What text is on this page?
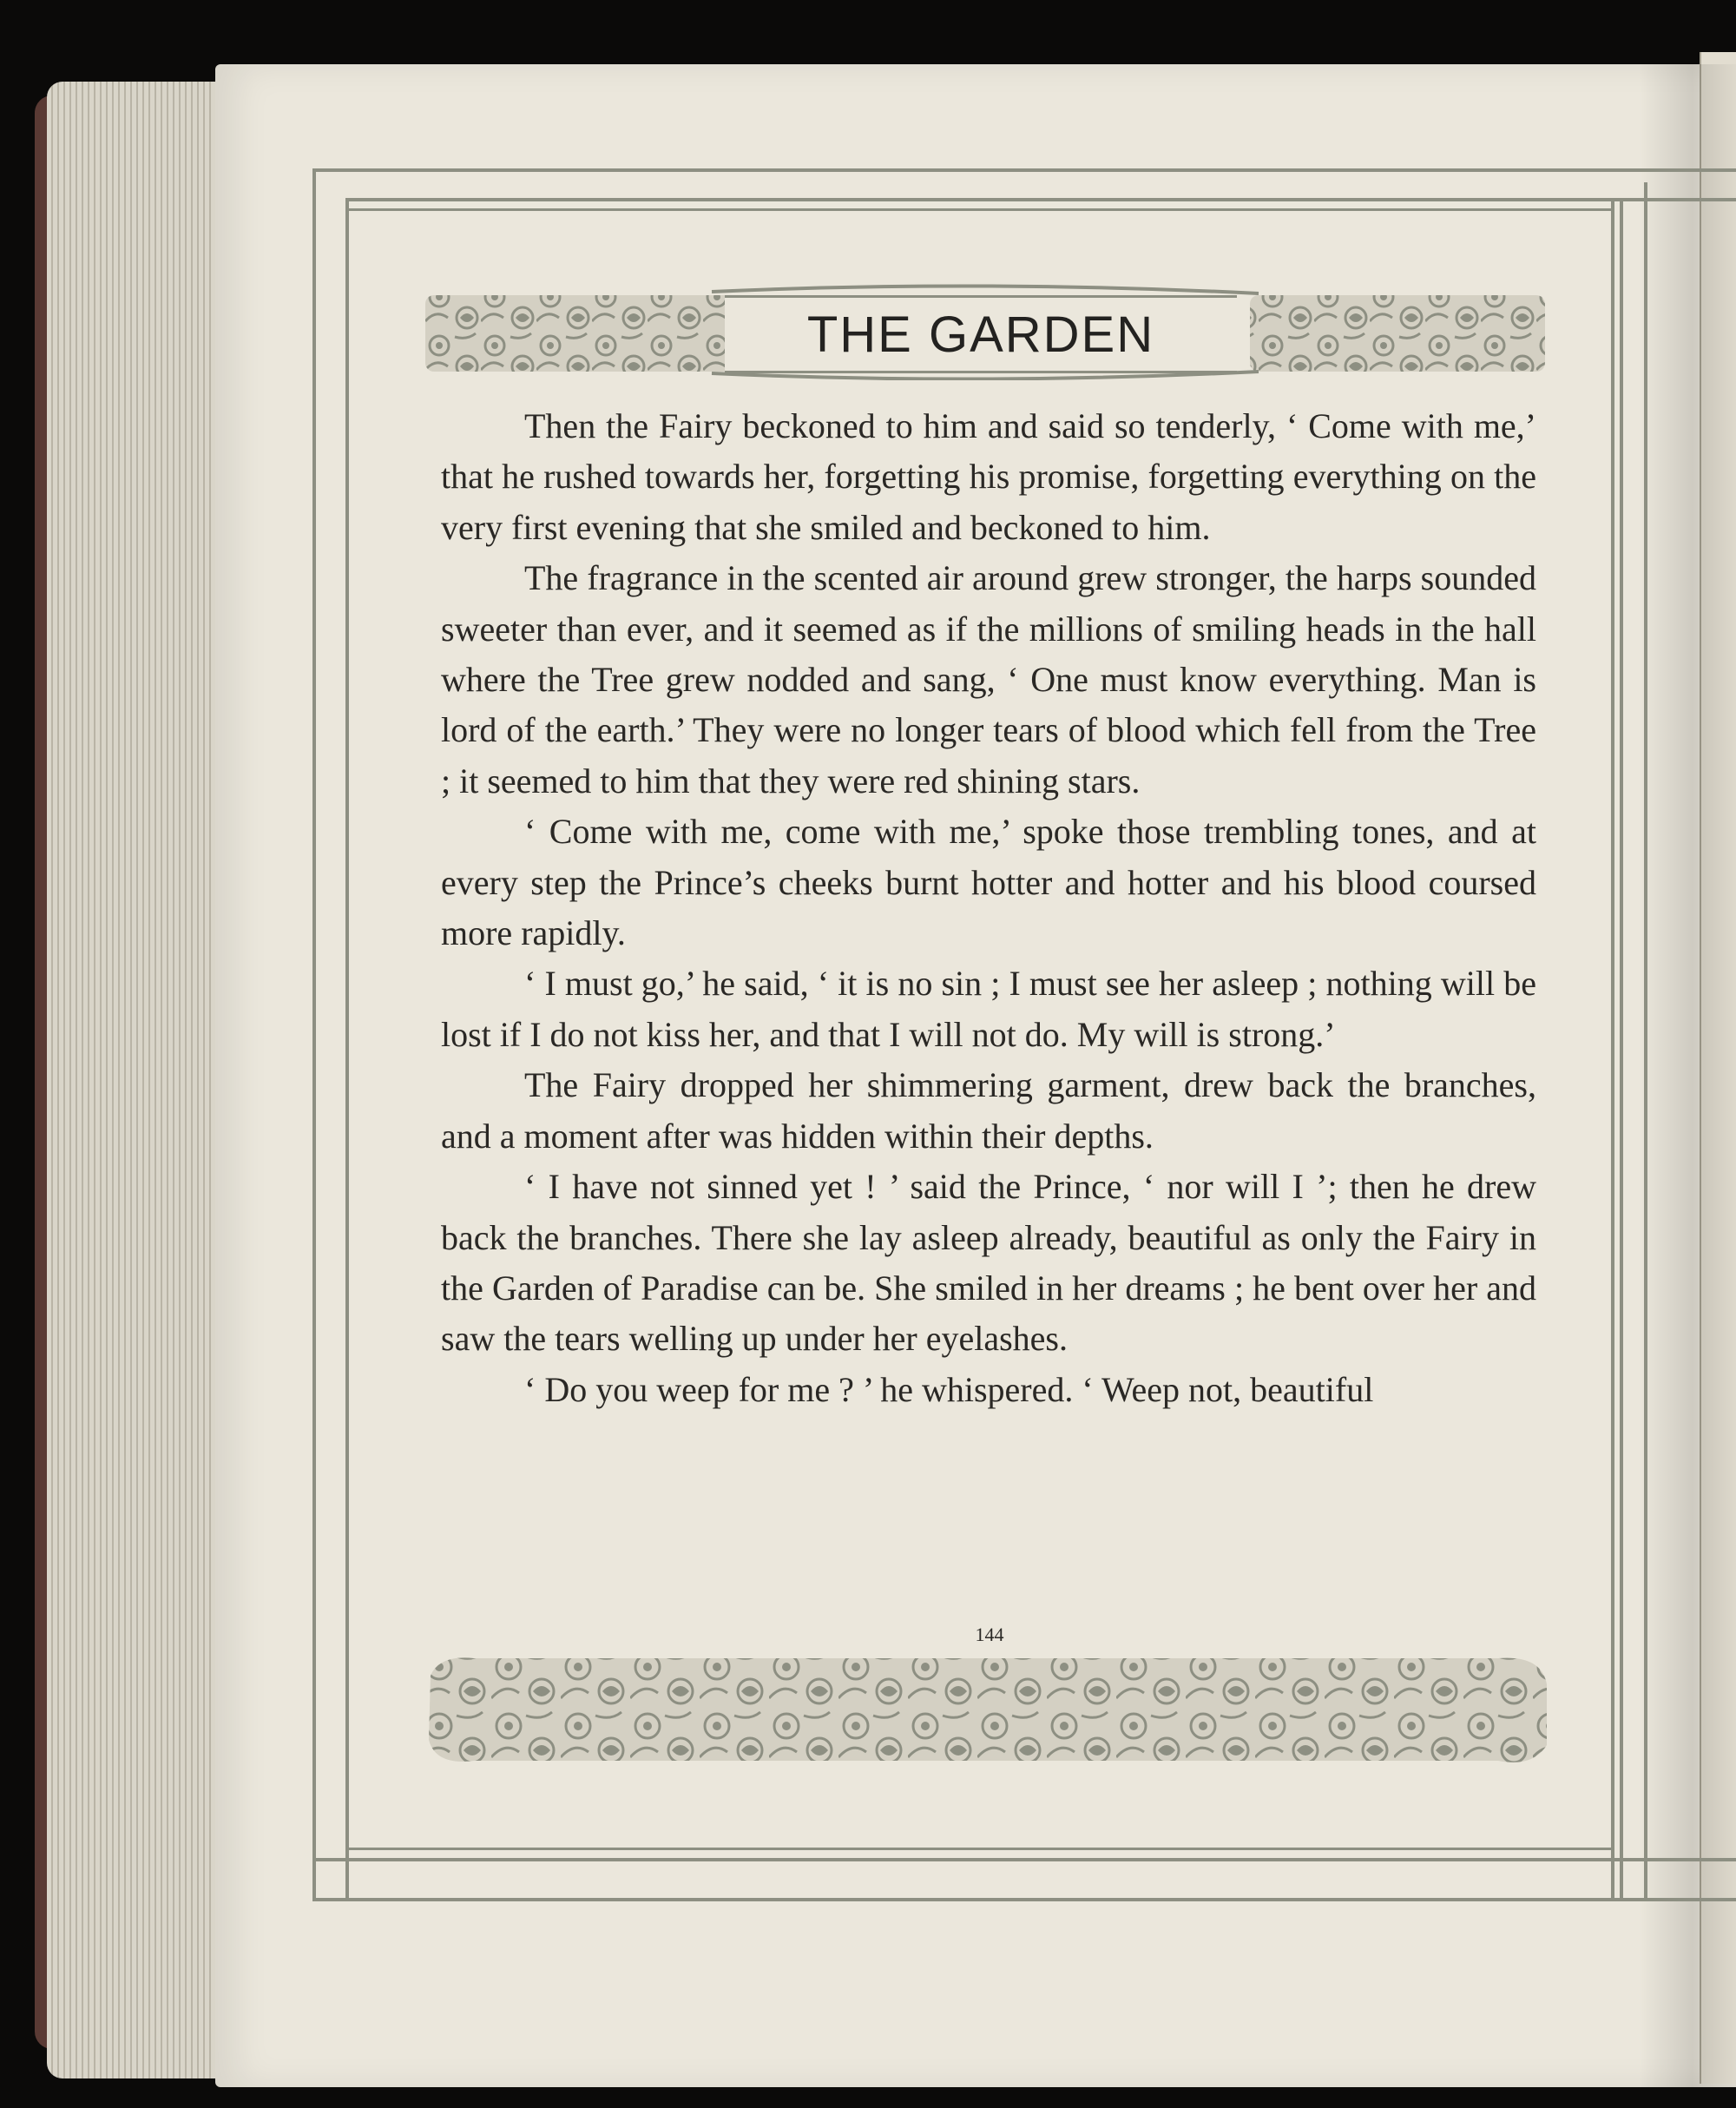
THE GARDEN

Then the Fairy beckoned to him and said so tenderly, ‘ Come with me,’ that he rushed towards her, forgetting his promise, forgetting everything on the very first evening that she smiled and beckoned to him.

The fragrance in the scented air around grew stronger, the harps sounded sweeter than ever, and it seemed as if the millions of smiling heads in the hall where the Tree grew nodded and sang, ‘ One must know everything. Man is lord of the earth.’ They were no longer tears of blood which fell from the Tree ; it seemed to him that they were red shining stars.

‘ Come with me, come with me,’ spoke those trembling tones, and at every step the Prince’s cheeks burnt hotter and hotter and his blood coursed more rapidly.

‘ I must go,’ he said, ‘ it is no sin ; I must see her asleep ; nothing will be lost if I do not kiss her, and that I will not do. My will is strong.’

The Fairy dropped her shimmering garment, drew back the branches, and a moment after was hidden within their depths.

‘ I have not sinned yet ! ’ said the Prince, ‘ nor will I ’; then he drew back the branches. There she lay asleep already, beautiful as only the Fairy in the Garden of Paradise can be. She smiled in her dreams ; he bent over her and saw the tears welling up under her eyelashes.

‘ Do you weep for me ? ’ he whispered. ‘ Weep not, beautiful

144
